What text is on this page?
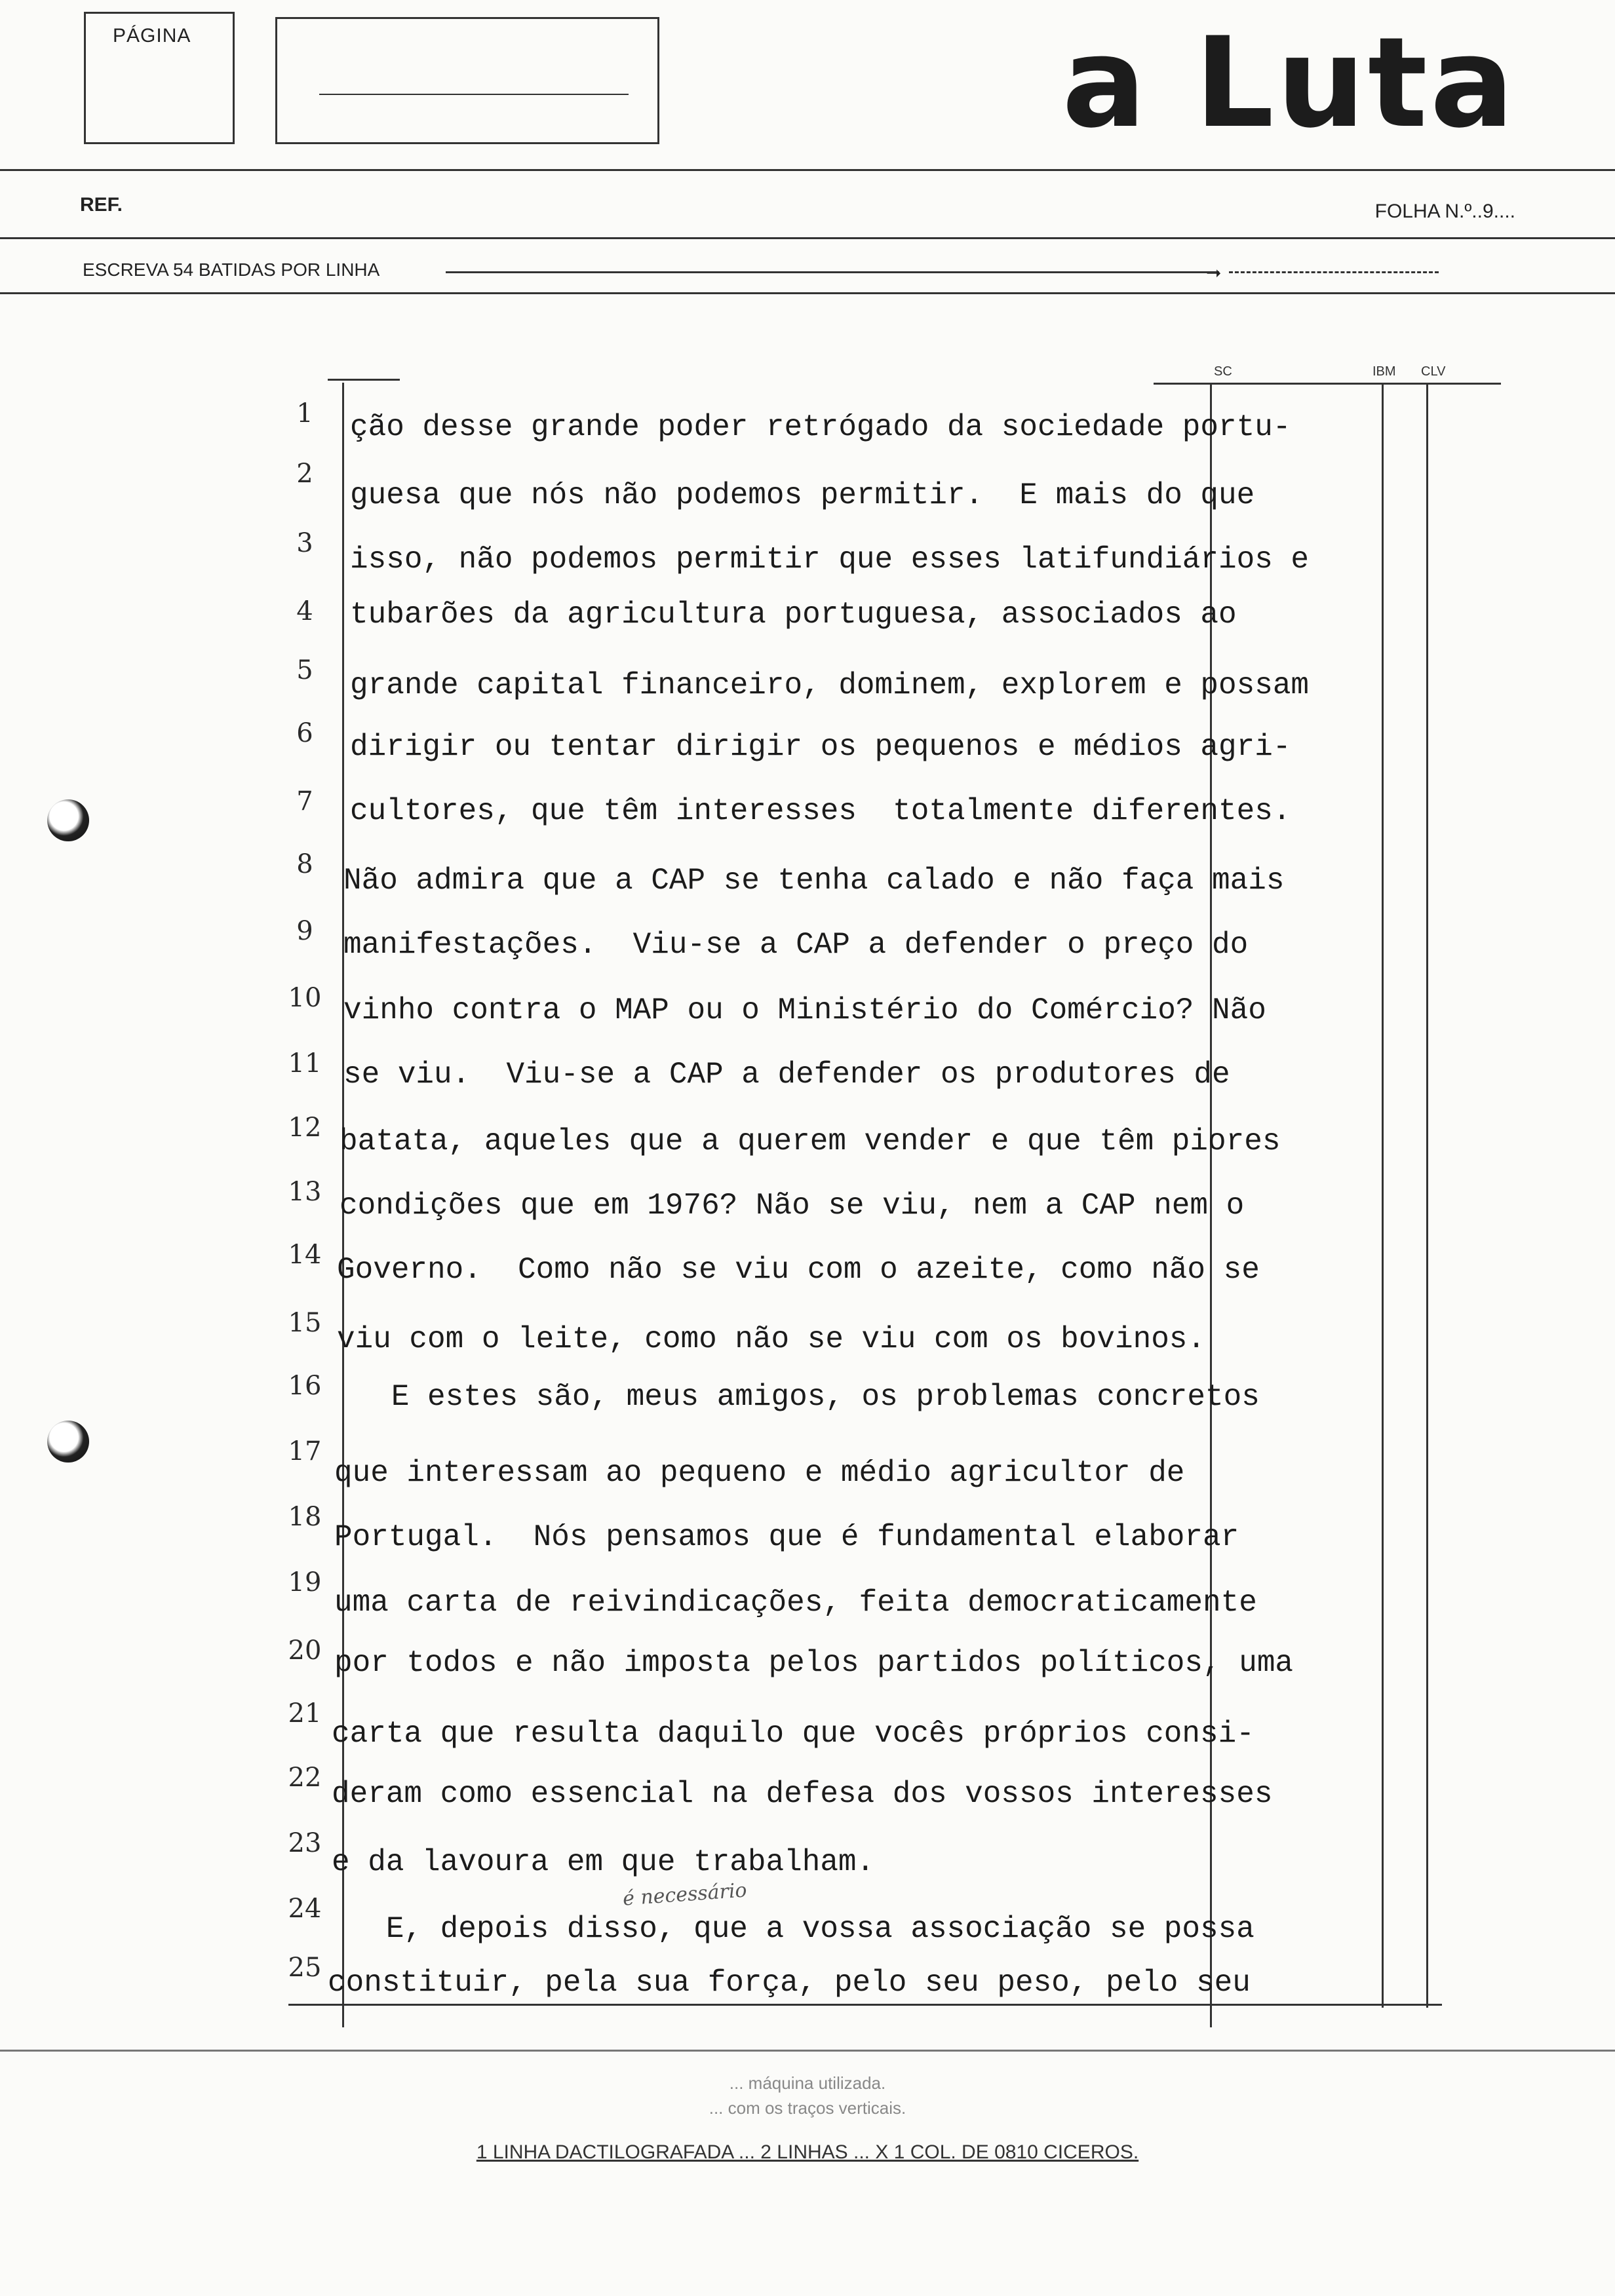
PÁGINA	a Luta
REF.	FOLHA N.º..9....
ESCREVA 54 BATIDAS POR LINHA	➝
SC	IBM CLV
1	ção desse grande poder retrógado da sociedade portu-
2
guesa que nós não podemos permitir.  E mais do que
3	isso, não podemos permitir que esses latifundiários e
4	tubarões da agricultura portuguesa, associados ao
5	grande capital financeiro, dominem, explorem e possam
6	dirigir ou tentar dirigir os pequenos e médios agri-
7	cultores, que têm interesses  totalmente diferentes.
8	Não admira que a CAP se tenha calado e não faça mais
9	manifestações.  Viu-se a CAP a defender o preço do
10 vinho contra o MAP ou o Ministério do Comércio? Não
11 se viu.  Viu-se a CAP a defender os produtores de
12 batata, aqueles que a querem vender e que têm piores
13 condições que em 1976? Não se viu, nem a CAP nem o
14 Governo.  Como não se viu com o azeite, como não se
15 viu com o leite, como não se viu com os bovinos.
16 E estes são, meus amigos, os problemas concretos
17
que interessam ao pequeno e médio agricultor de
18
Portugal.  Nós pensamos que é fundamental elaborar
19
uma carta de reivindicações, feita democraticamente
20 por todos e não imposta pelos partidos políticos, uma
21
carta que resulta daquilo que vocês próprios consi-
22 deram como essencial na defesa dos vossos interesses
23
e da lavoura em que trabalham.
24
E, depois disso, que a vossa associação se possa
25 constituir, pela sua força, pelo seu peso, pelo seu
é necessário
... máquina utilizada.
... com os traços verticais.
1 LINHA DACTILOGRAFADA ... 2 LINHAS ... X 1 COL. DE 0810 CICEROS.
